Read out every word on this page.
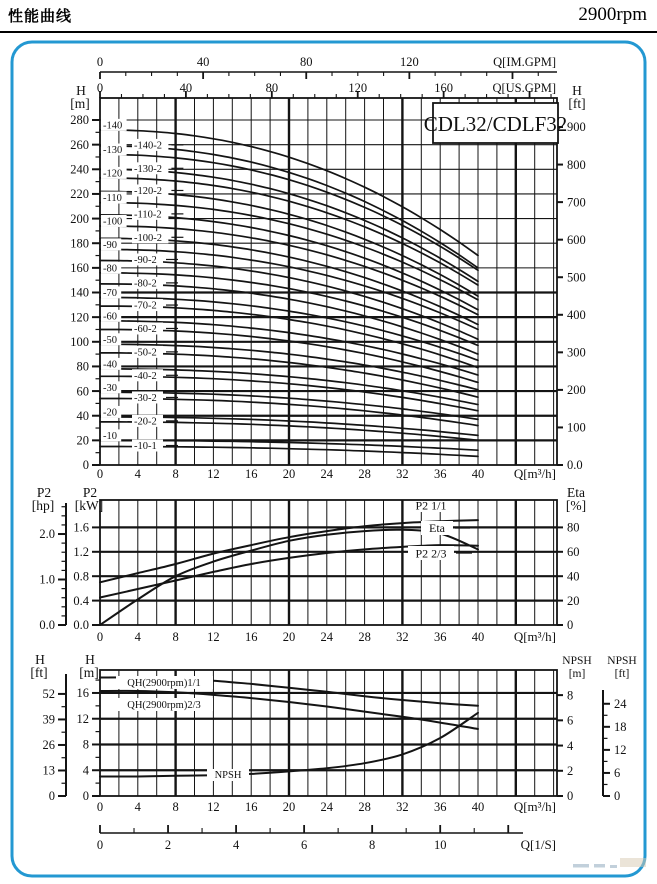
性能曲线	2900rpm
-140
-140-2
-130
-130-2
-120
-120-2
-110
-110-2
-100
-100-2
-90
-90-2
-80
-80-2
-70
-70-2
-60
-60-2
-50
-50-2
-40
-40-2
-30
-30-2
-20
-20-2
-10
-10-1
0
20
40
60
80
100
120
140
160
180
200
220
240
260
280
H
[m]
0.0
100
200
300
400
500
600
700
800
900
H
[ft]
0	4	8 12 16 20 24 28 32 36 40 Q[m³/h]
0	40	80	120	Q[IM.GPM]
0	40	80	120	160	Q[US.GPM]
CDL32/CDLF32
P2 1/1
Eta
P2 2/3
0.0
0.4
0.8
1.2
1.6
P2
[kW]
0.0
1.0
2.0
P2
[hp]
0
20
40
60
80
Eta
[%]
0	4	8 12 16 20 24 28 32 36 40 Q[m³/h]
QH(2900rpm)1/1
QH(2900rpm)2/3
NPSH
0
4
8
12
16
H
[m]
0
13
26
39
52
H
[ft]
0
2
4
6
8
NPSH
[m]
0
6
12
18
24
NPSH
[ft]
0	4	8 12 16 20 24 28 32 36 40 Q[m³/h]
0	2	4	6	8	10	Q[1/S]
